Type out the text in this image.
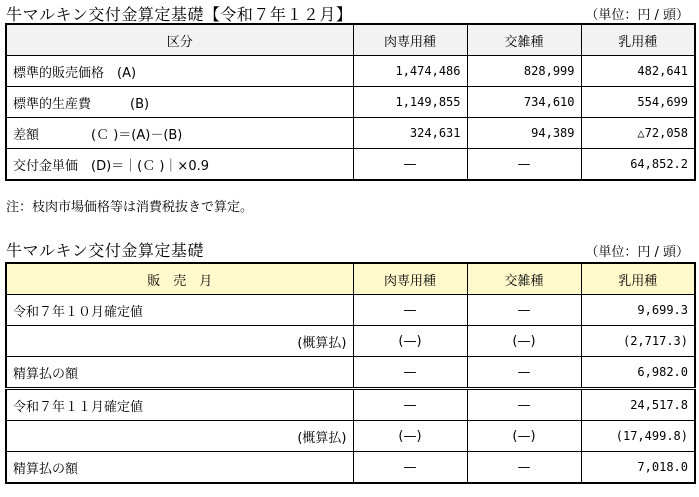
牛マルキン交付金算定基礎【令和７年１２月】	（単位：円 / 頭）
区分	肉専用種	交雑種	乳用種
標準的販売価格　(A)	1,474,486	828,999	482,641
標準的生産費　　　(B)	1,149,855	734,610	554,699
差額　　　　(Ｃ )＝(A)－(B)	324,631	94,389	△72,058
交付金単価　(D)＝｜(Ｃ )｜×0.9	—	—	64,852.2
注：枝肉市場価格等は消費税抜きで算定。
牛マルキン交付金算定基礎	（単位：円 / 頭）
販　売　月	肉専用種	交雑種	乳用種
令和７年１０月確定値	—	—	9,699.3
(概算払)	(—)	(—)	(2,717.3)
精算払の額	—	—	6,982.0
令和７年１１月確定値	—	—	24,517.8
(概算払)	(—)	(—)	(17,499.8)
精算払の額	—	—	7,018.0
